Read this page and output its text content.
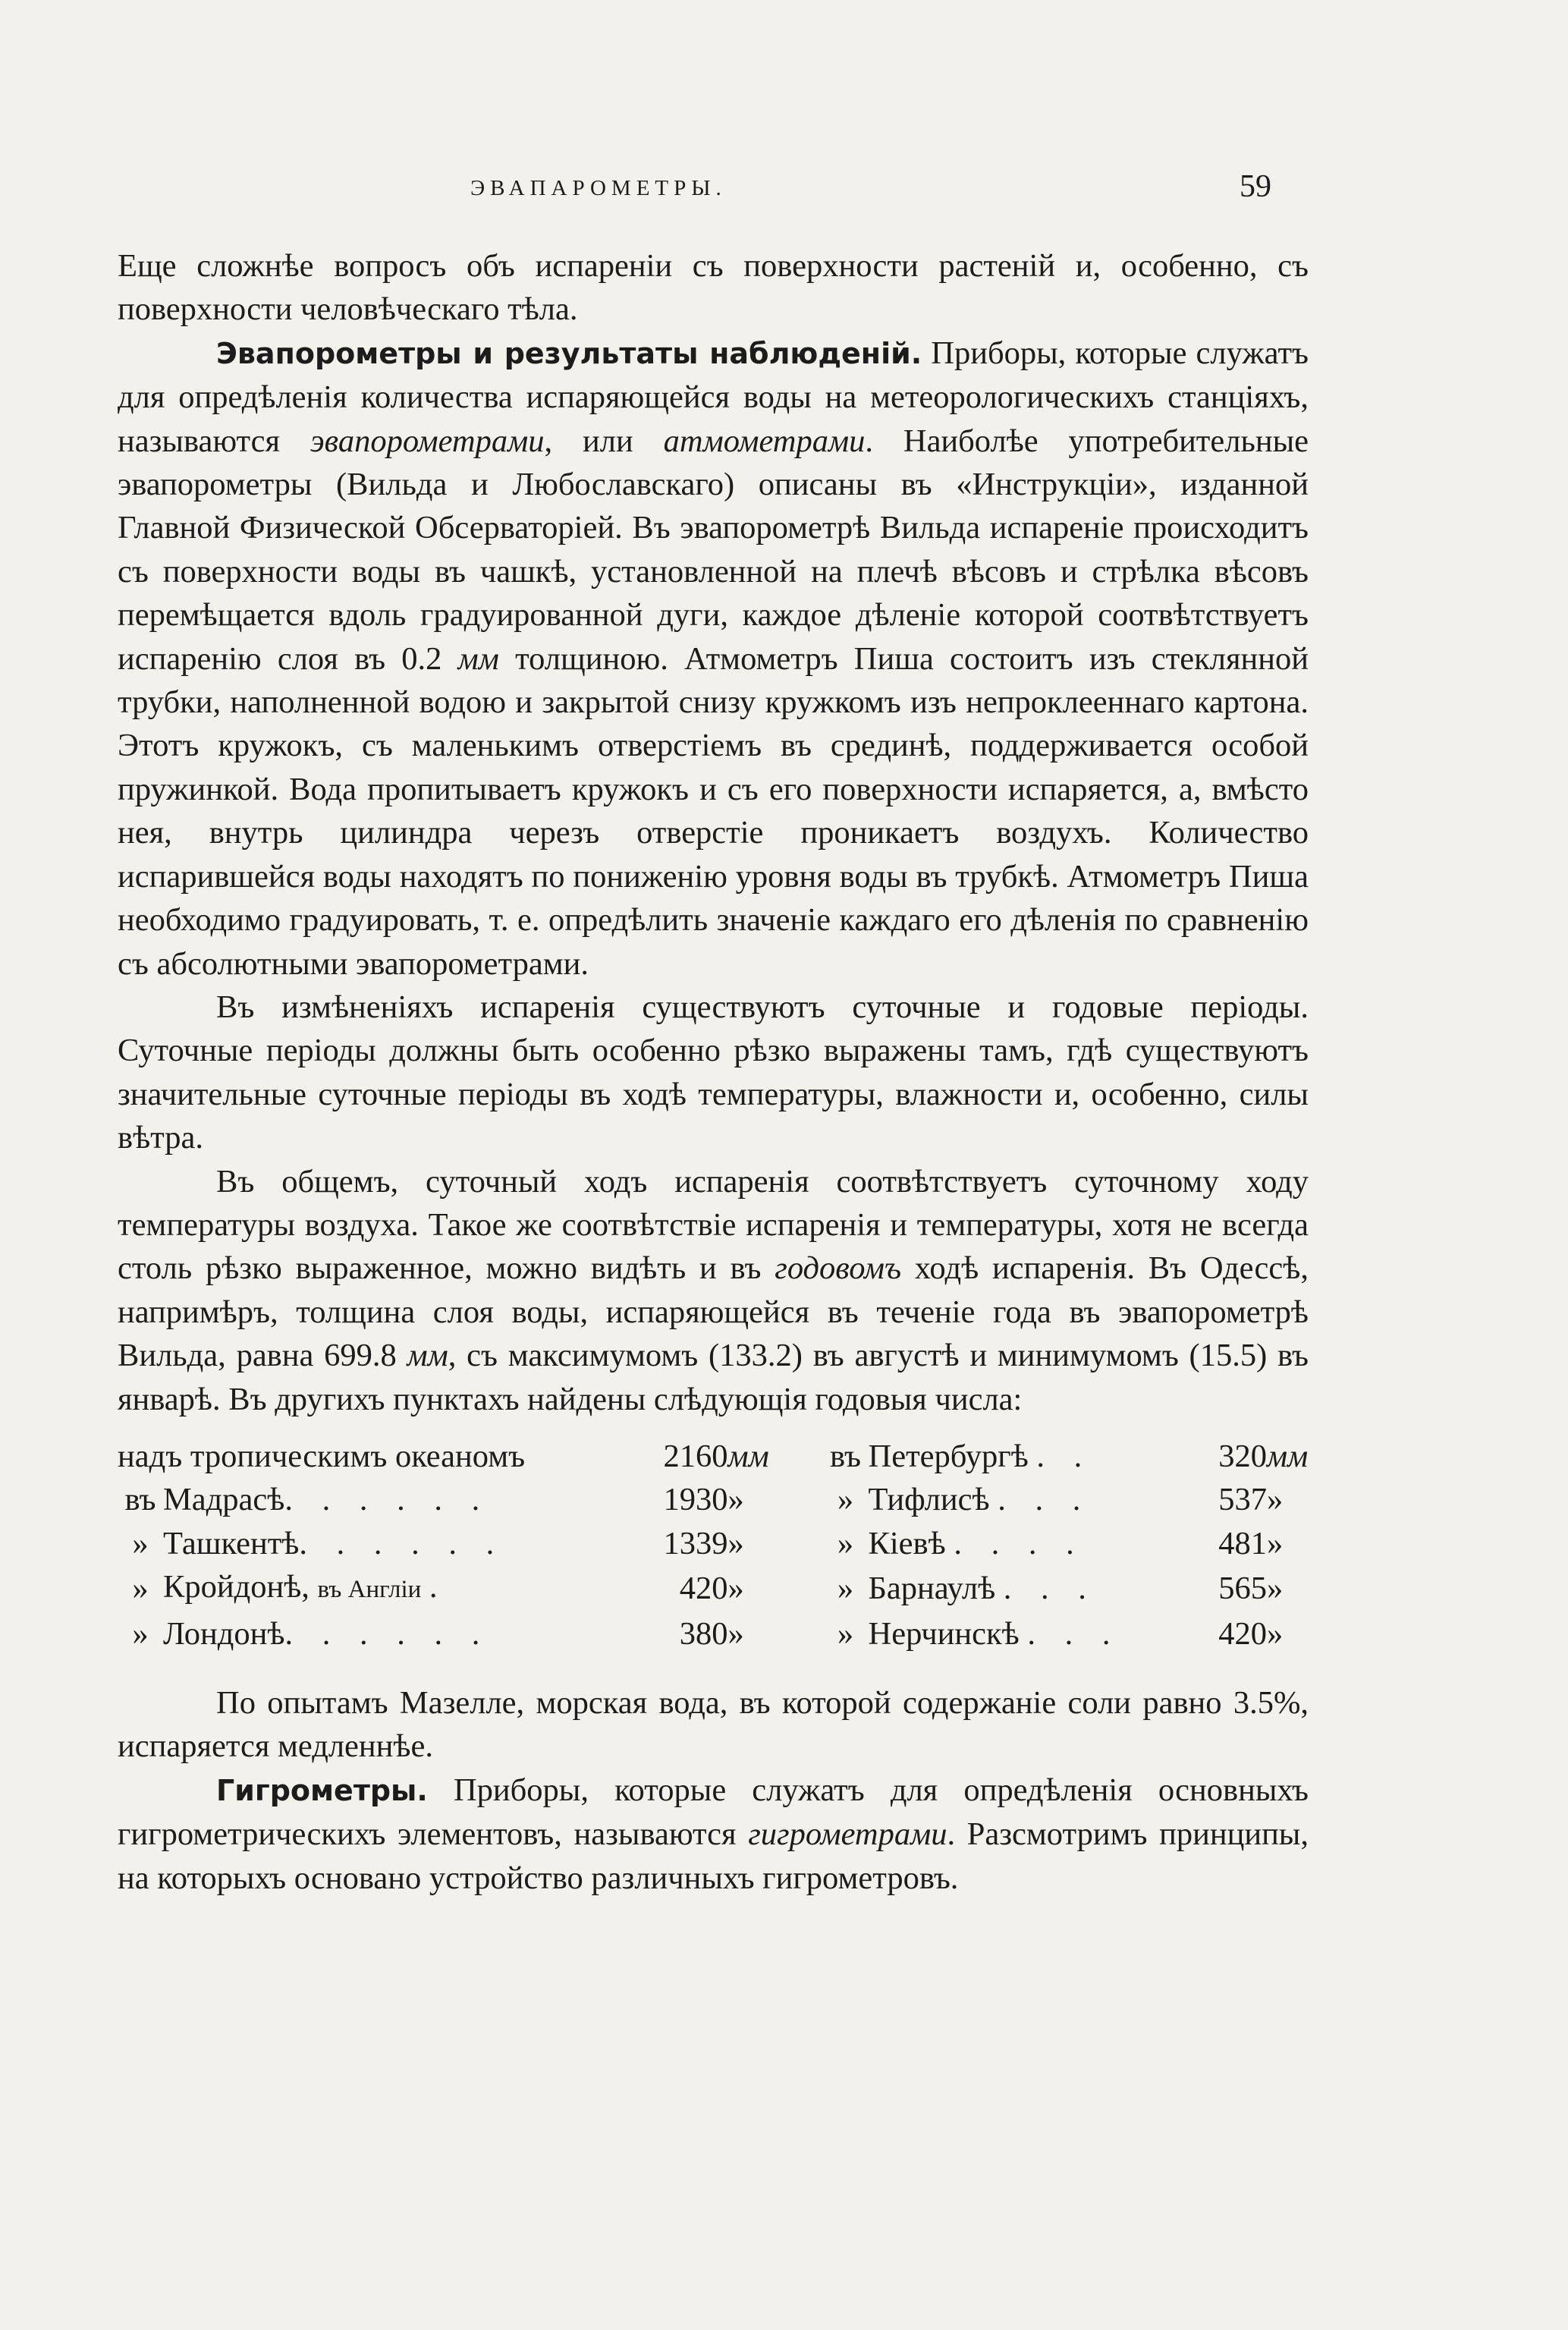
ЭВАПАРОМЕТРЫ.	59

Еще сложнѣе вопросъ объ испареніи съ поверхности растеній и, особенно, съ поверхности человѣческаго тѣла.

Эвапорометры и результаты наблюденій. Приборы, которые служатъ для опредѣленія количества испаряющейся воды на метеорологическихъ станціяхъ, называются эвапорометрами, или атмометрами. Наиболѣе употребительные эвапорометры (Вильда и Любославскаго) описаны въ «Инструкціи», изданной Главной Физической Обсерваторіей. Въ эвапорометрѣ Вильда испареніе происходитъ съ поверхности воды въ чашкѣ, установленной на плечѣ вѣсовъ и стрѣлка вѣсовъ перемѣщается вдоль градуированной дуги, каждое дѣленіе которой соотвѣтствуетъ испаренію слоя въ 0.2 мм толщиною. Атмометръ Пиша состоитъ изъ стеклянной трубки, наполненной водою и закрытой снизу кружкомъ изъ непроклееннаго картона. Этотъ кружокъ, съ маленькимъ отверстіемъ въ срединѣ, поддерживается особой пружинкой. Вода пропитываетъ кружокъ и съ его поверхности испаряется, а, вмѣсто нея, внутрь цилиндра черезъ отверстіе проникаетъ воздухъ. Количество испарившейся воды находятъ по пониженію уровня воды въ трубкѣ. Атмометръ Пиша необходимо градуировать, т. е. опредѣлить значеніе каждаго его дѣленія по сравненію съ абсолютными эвапорометрами.

Въ измѣненіяхъ испаренія существуютъ суточные и годовые періоды. Суточные періоды должны быть особенно рѣзко выражены тамъ, гдѣ существуютъ значительные суточные періоды въ ходѣ температуры, влажности и, особенно, силы вѣтра.

Въ общемъ, суточный ходъ испаренія соотвѣтствуетъ суточному ходу температуры воздуха. Такое же соотвѣтствіе испаренія и температуры, хотя не всегда столь рѣзко выраженное, можно видѣть и въ годовомъ ходѣ испаренія. Въ Одессѣ, напримѣръ, толщина слоя воды, испаряющейся въ теченіе года въ эвапорометрѣ Вильда, равна 699.8 мм, съ максимумомъ (133.2) въ августѣ и минимумомъ (15.5) въ январѣ. Въ другихъ пунктахъ найдены слѣдующія годовыя числа:

надъ тропическимъ океаномъ		2160	мм		въ	Петербургѣ . .	320	мм
въ	Мадрасѣ. . . . . .	1930	»		»	Тифлисѣ . . .	537	»
»	Ташкентѣ. . . . . .	1339	»		»	Кіевѣ . . . .	481	»
»	Кройдонѣ, въ Англіи .	420	»		»	Барнаулѣ . . .	565	»
»	Лондонѣ. . . . . .	380	»		»	Нерчинскѣ . . .	420	»

По опытамъ Мазелле, морская вода, въ которой содержаніе соли равно 3.5%, испаряется медленнѣе.

Гигрометры. Приборы, которые служатъ для опредѣленія основныхъ гигрометрическихъ элементовъ, называются гигрометрами. Разсмотримъ принципы, на которыхъ основано устройство различныхъ гигрометровъ.
